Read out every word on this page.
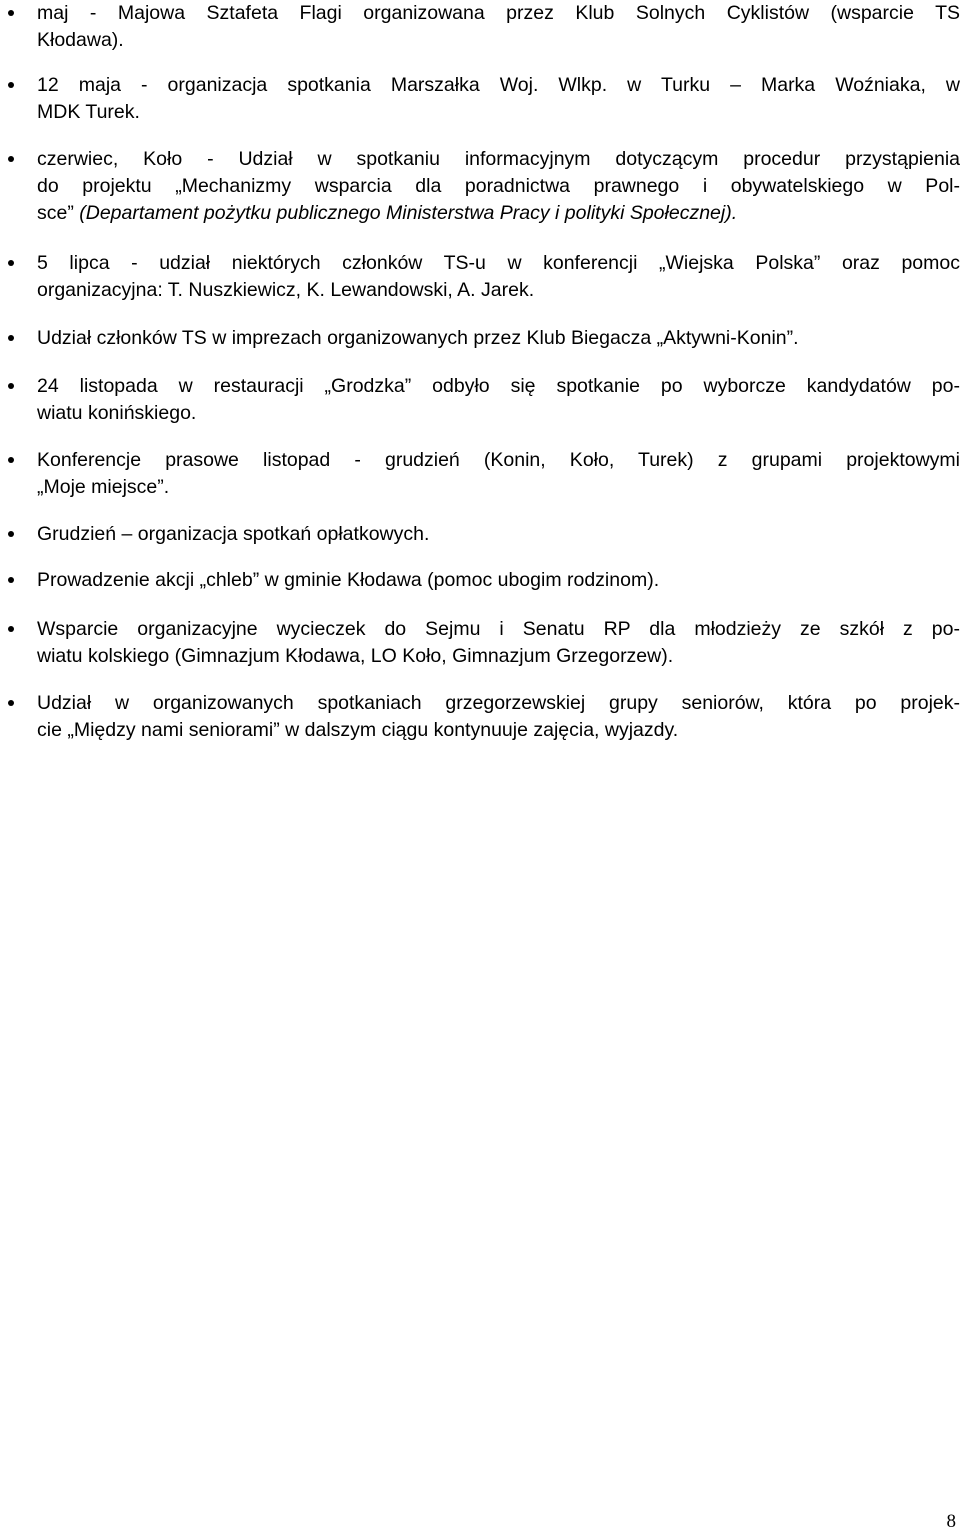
maj - Majowa Sztafeta Flagi organizowana przez Klub Solnych Cyklistów (wsparcie TS
Kłodawa).
12 maja - organizacja spotkania Marszałka Woj. Wlkp. w Turku – Marka Woźniaka, w
MDK Turek.
czerwiec, Koło - Udział w spotkaniu informacyjnym dotyczącym procedur przystąpienia
do projektu „Mechanizmy wsparcia dla poradnictwa prawnego i obywatelskiego w Pol-
sce” (Departament pożytku publicznego Ministerstwa Pracy i polityki Społecznej).
5 lipca - udział niektórych członków TS-u w konferencji „Wiejska Polska” oraz pomoc
organizacyjna: T. Nuszkiewicz, K. Lewandowski, A. Jarek.
Udział członków TS w imprezach organizowanych przez Klub Biegacza „Aktywni-Konin”.
24 listopada w restauracji „Grodzka” odbyło się spotkanie po wyborcze kandydatów po-
wiatu konińskiego.
Konferencje prasowe listopad - grudzień (Konin, Koło, Turek) z grupami projektowymi
„Moje miejsce”.
Grudzień – organizacja spotkań opłatkowych.
Prowadzenie akcji „chleb” w gminie Kłodawa (pomoc ubogim rodzinom).
Wsparcie organizacyjne wycieczek do Sejmu i Senatu RP dla młodzieży ze szkół z po-
wiatu kolskiego (Gimnazjum Kłodawa, LO Koło, Gimnazjum Grzegorzew).
Udział w organizowanych spotkaniach grzegorzewskiej grupy seniorów, która po projek-
cie „Między nami seniorami” w dalszym ciągu kontynuuje zajęcia, wyjazdy.
8
